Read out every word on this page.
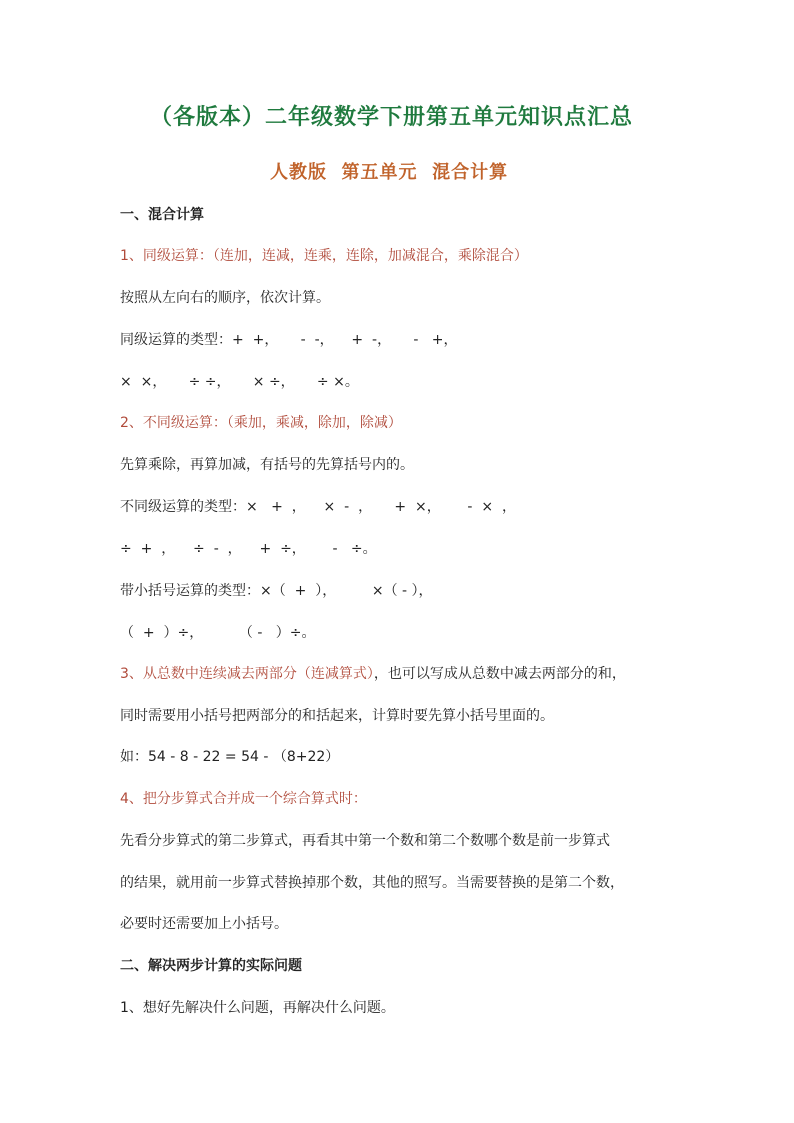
（各版本）二年级数学下册第五单元知识点汇总
人教版  第五单元  混合计算
一、混合计算
1、同级运算：（连加，连减，连乘，连除，加减混合，乘除混合）
按照从左向右的顺序，依次计算。
同级运算的类型：+  +，     -  -，    +  -，     -   +，
×  ×，     ÷ ÷，     × ÷，     ÷ ×。
2、不同级运算：（乘加，乘减，除加，除减）
先算乘除，再算加减，有括号的先算括号内的。
不同级运算的类型：×   +  ，    ×  -  ，     +  ×，      -  ×  ，
÷  +  ，    ÷  -  ，    +  ÷，      -   ÷。
带小括号运算的类型：×（  +  ），        ×（ - ），
（  +  ）÷，        （ -   ）÷。
3、从总数中连续减去两部分（连减算式），也可以写成从总数中减去两部分的和，
同时需要用小括号把两部分的和括起来，计算时要先算小括号里面的。
如：54 - 8 - 22 = 54 - （8+22）
4、把分步算式合并成一个综合算式时：
先看分步算式的第二步算式，再看其中第一个数和第二个数哪个数是前一步算式
的结果，就用前一步算式替换掉那个数，其他的照写。当需要替换的是第二个数，
必要时还需要加上小括号。
二、解决两步计算的实际问题
1、想好先解决什么问题，再解决什么问题。
